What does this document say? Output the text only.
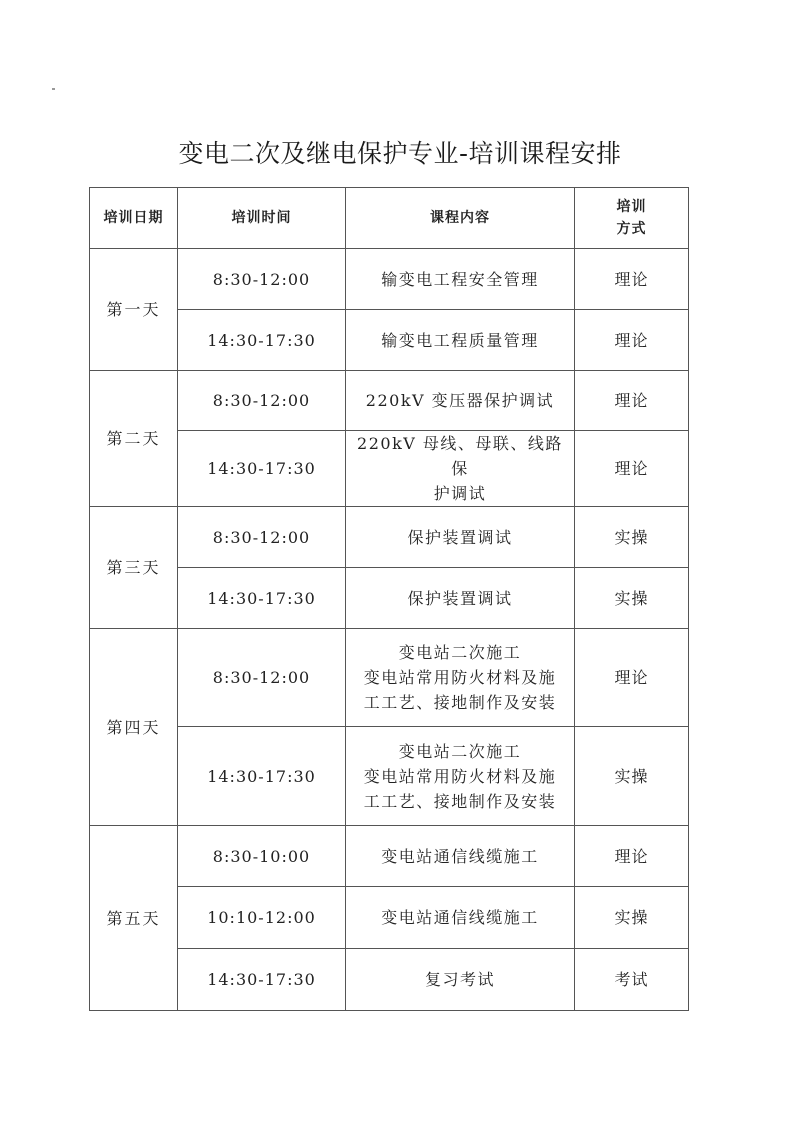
变电二次及继电保护专业-培训课程安排
培训日期	培训时间	课程内容	培训
方式

第一天	8:30-12:00	输变电工程安全管理	理论
	14:30-17:30	输变电工程质量管理	理论
第二天	8:30-12:00	220kV 变压器保护调试	理论
	14:30-17:30	220kV 母线、母联、线路保
护调试	理论
第三天	8:30-12:00	保护装置调试	实操
	14:30-17:30	保护装置调试	实操
第四天	8:30-12:00	变电站二次施工
变电站常用防火材料及施
工工艺、接地制作及安装	理论
	14:30-17:30	变电站二次施工
变电站常用防火材料及施
工工艺、接地制作及安装	实操
第五天	8:30-10:00	变电站通信线缆施工	理论
	10:10-12:00	变电站通信线缆施工	实操
	14:30-17:30	复习考试	考试
